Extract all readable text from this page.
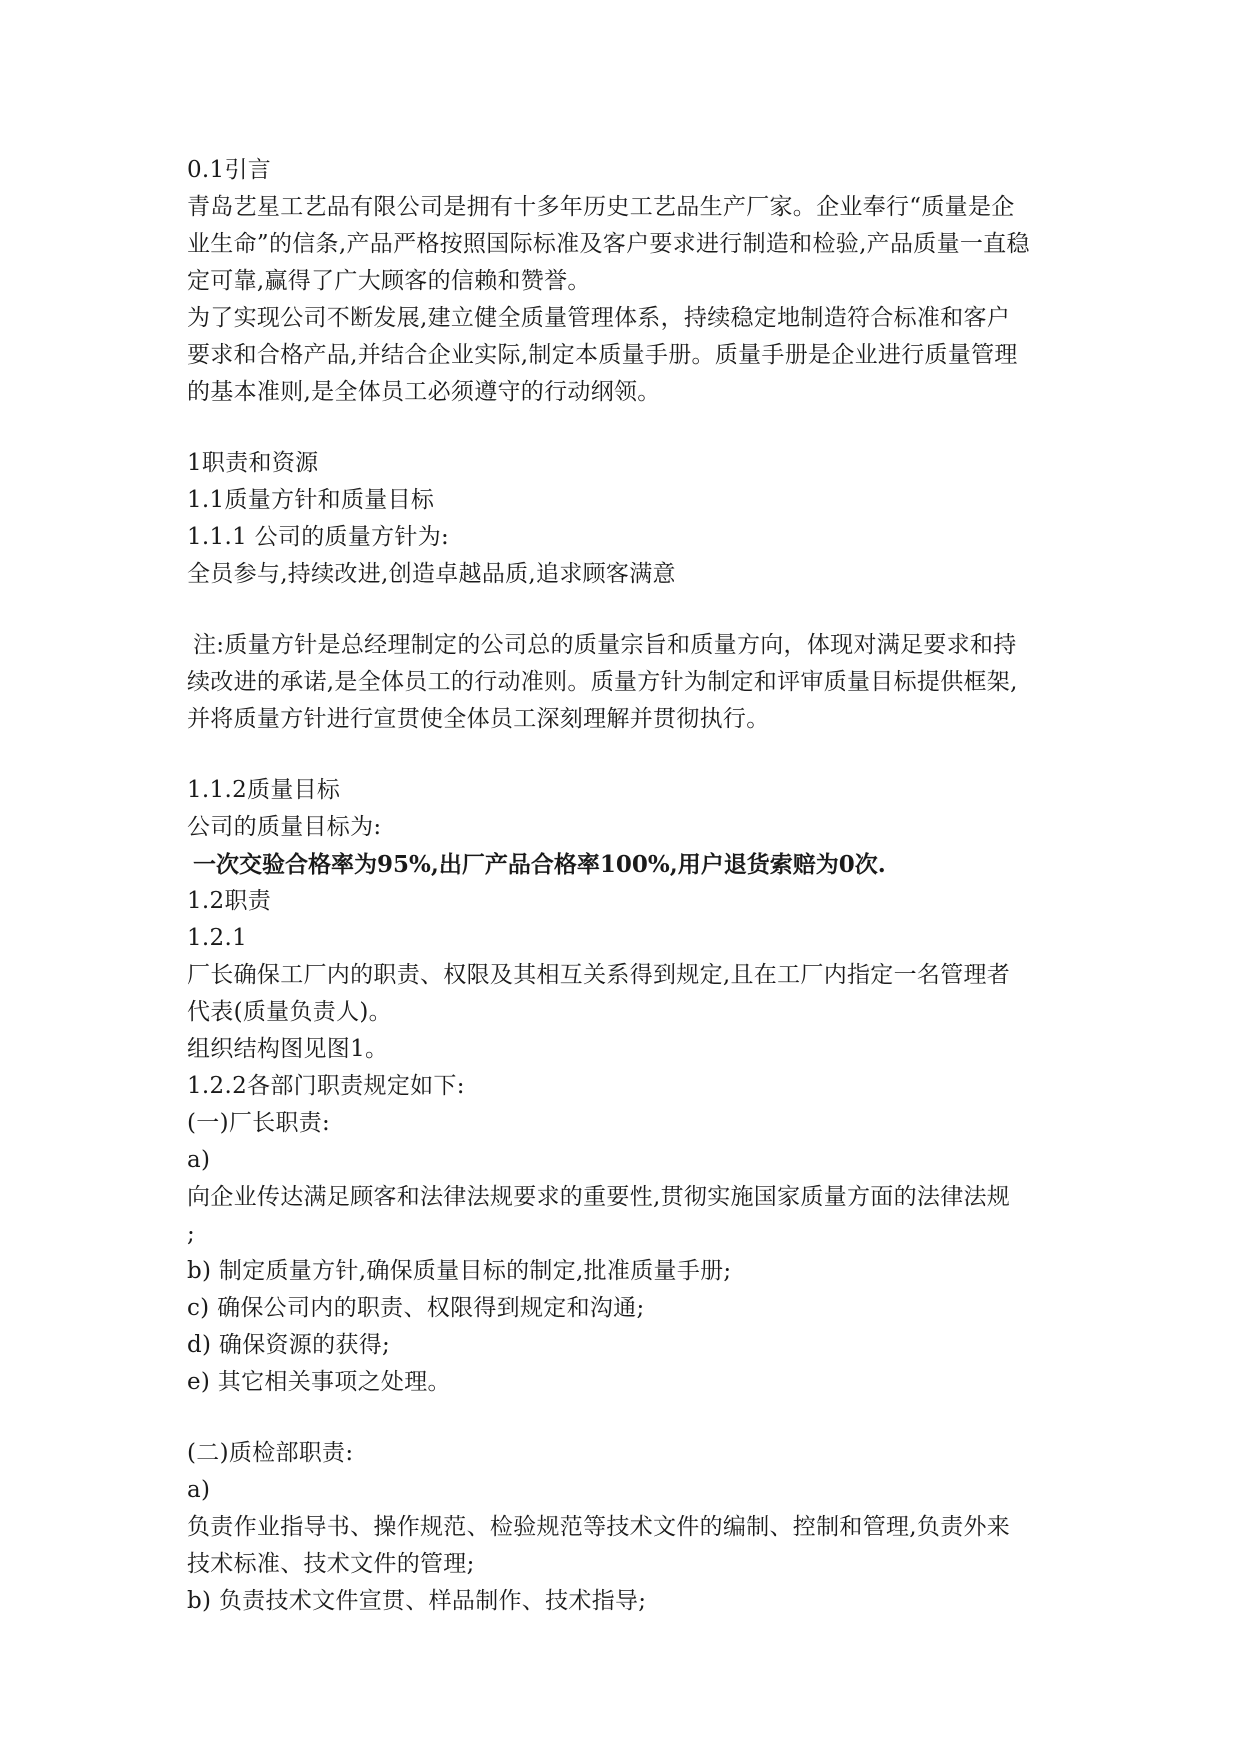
0.1引言
青岛艺星工艺品有限公司是拥有十多年历史工艺品生产厂家。企业奉行“质量是企
业生命”的信条,产品严格按照国际标准及客户要求进行制造和检验,产品质量一直稳
定可靠,赢得了广大顾客的信赖和赞誉。
为了实现公司不断发展,建立健全质量管理体系，持续稳定地制造符合标准和客户
要求和合格产品,并结合企业实际,制定本质量手册。质量手册是企业进行质量管理
的基本准则,是全体员工必须遵守的行动纲领。
1职责和资源
1.1质量方针和质量目标
1.1.1 公司的质量方针为:
全员参与,持续改进,创造卓越品质,追求顾客满意
注:质量方针是总经理制定的公司总的质量宗旨和质量方向，体现对满足要求和持
续改进的承诺,是全体员工的行动准则。质量方针为制定和评审质量目标提供框架,
并将质量方针进行宣贯使全体员工深刻理解并贯彻执行。
1.1.2质量目标
公司的质量目标为:
一次交验合格率为95%,出厂产品合格率100%,用户退货索赔为0次.
1.2职责
1.2.1
厂长确保工厂内的职责、权限及其相互关系得到规定,且在工厂内指定一名管理者
代表(质量负责人)。
组织结构图见图1。
1.2.2各部门职责规定如下:
(一)厂长职责:
a)
向企业传达满足顾客和法律法规要求的重要性,贯彻实施国家质量方面的法律法规
;
b) 制定质量方针,确保质量目标的制定,批准质量手册;
c) 确保公司内的职责、权限得到规定和沟通;
d) 确保资源的获得;
e) 其它相关事项之处理。
(二)质检部职责:
a)
负责作业指导书、操作规范、检验规范等技术文件的编制、控制和管理,负责外来
技术标准、技术文件的管理;
b) 负责技术文件宣贯、样品制作、技术指导;
